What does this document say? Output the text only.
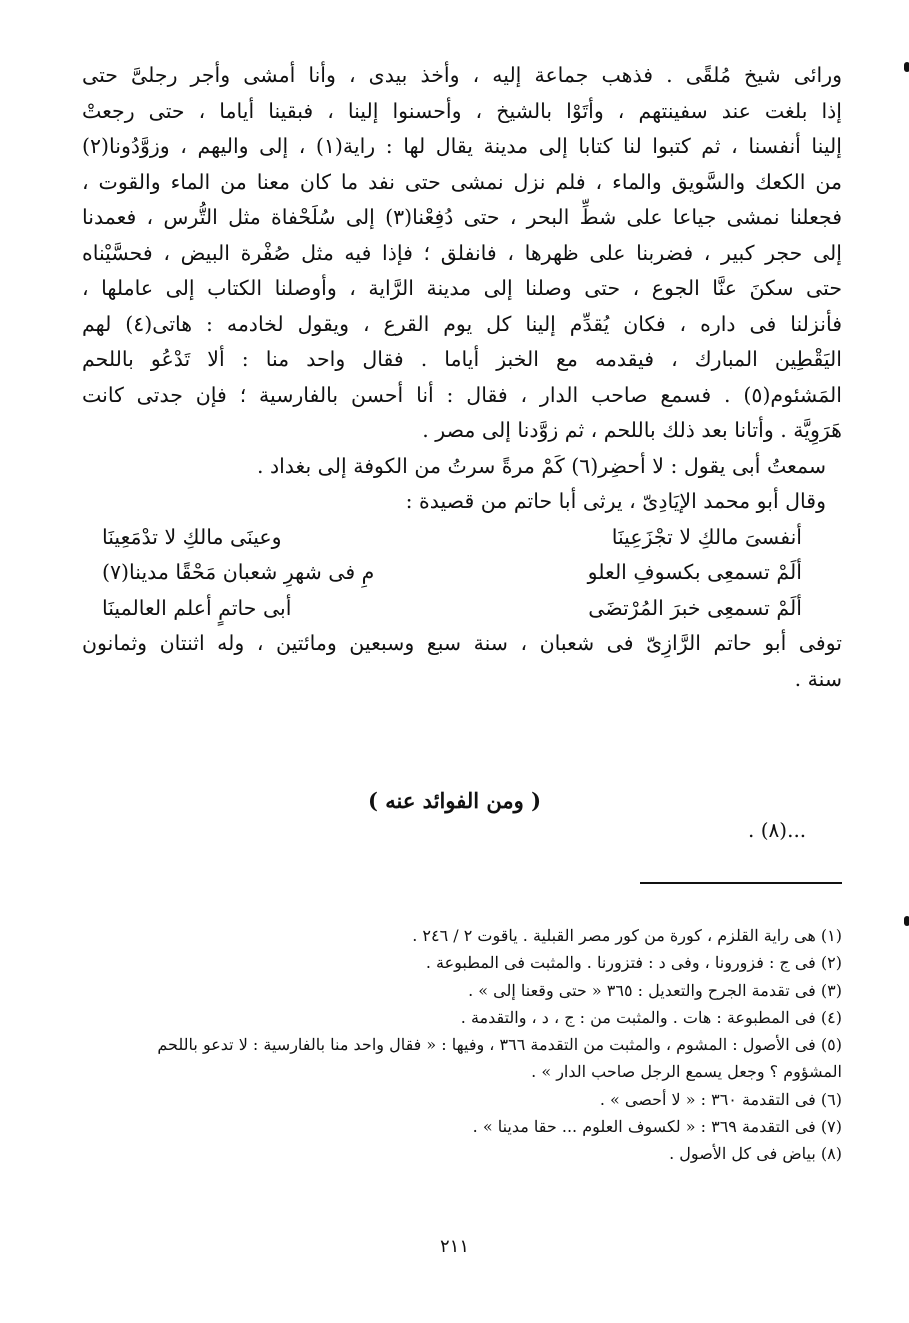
ورائى شيخ مُلقًى . فذهب جماعة إليه ، وأخذ بيدى ، وأنا أمشى وأجر رجلىَّ حتى

إذا بلغت عند سفينتهم ، وأتَوْا بالشيخ ، وأحسنوا إلينا ، فبقينا أياما ، حتى رجعتْ

إلينا أنفسنا ، ثم كتبوا لنا كتابا إلى مدينة يقال لها : راية(١) ، إلى واليهم ، وزوَّدُونا(٢)

من الكعك والسَّويق والماء ، فلم نزل نمشى حتى نفد ما كان معنا من الماء والقوت ،

فجعلنا نمشى جياعا على شطِّ البحر ، حتى دُفِعْنا(٣) إلى سُلَحْفاة مثل التُّرس ، فعمدنا

إلى حجر كبير ، فضربنا على ظهرها ، فانفلق ؛ فإذا فيه مثل صُفْرة البيض ، فحسَّيْناه

حتى سكنَ عنَّا الجوع ، حتى وصلنا إلى مدينة الرَّاية ، وأوصلنا الكتاب إلى عاملها ،

فأنزلنا فى داره ، فكان يُقدِّم إلينا كل يوم القرع ، ويقول لخادمه : هاتى(٤) لهم

اليَقْطِين المبارك ، فيقدمه مع الخبز أياما . فقال واحد منا : ألا تَدْعُو باللحم

المَشئوم(٥) . فسمع صاحب الدار ، فقال : أنا أحسن بالفارسية ؛ فإن جدتى كانت

هَرَوِيَّة . وأتانا بعد ذلك باللحم ، ثم زوَّدنا إلى مصر .

سمعتُ أبى يقول : لا أحضِر(٦) كَمْ مرةً سرتُ من الكوفة إلى بغداد .

وقال أبو محمد الإيَادِىّ ، يرثى أبا حاتم من قصيدة :

أنفسىَ مالكِ لا تجْزَعِينَا
وعينَى مالكِ لا تدْمَعِينَا
ألَمْ تسمعِى بكسوفِ العلو
مِ فى شهرِ شعبان مَحْقًا مدينا(٧)
ألَمْ تسمعِى خبرَ المُرْتضَى
أبى حاتمٍ أعلم العالمينَا

توفى أبو حاتم الرَّازِىّ فى شعبان ، سنة سبع وسبعين ومائتين ، وله اثنتان وثمانون

سنة .

( ومن الفوائد عنه )
...(٨) .
(١) هى راية القلزم ، كورة من كور مصر القبلية . ياقوت ٢ / ٢٤٦ .
(٢) فى ج : فزورونا ، وفى د : فتزورنا . والمثبت فى المطبوعة .
(٣) فى تقدمة الجرح والتعديل : ٣٦٥ « حتى وقعنا إلى » .
(٤) فى المطبوعة : هات . والمثبت من : ج ، د ، والتقدمة .
(٥) فى الأصول : المشوم ، والمثبت من التقدمة ٣٦٦ ، وفيها : « فقال واحد منا بالفارسية : لا تدعو باللحم
المشؤوم ؟ وجعل يسمع الرجل صاحب الدار » .
(٦) فى التقدمة ٣٦٠ : « لا أحصى » .
(٧) فى التقدمة ٣٦٩ : « لكسوف العلوم ... حقا مدينا » .
(٨) بياض فى كل الأصول .
٢١١
